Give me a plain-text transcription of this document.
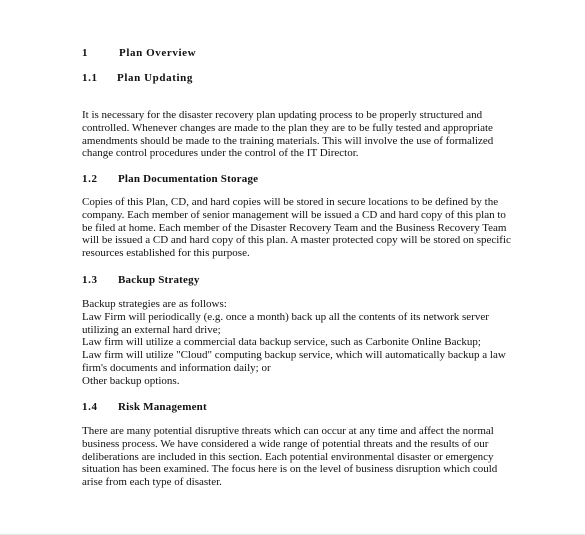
1	Plan Overview
1.1 Plan Updating
It is necessary for the disaster recovery plan updating process to be properly structured and
controlled. Whenever changes are made to the plan they are to be fully tested and appropriate
amendments should be made to the training materials. This will involve the use of formalized
change control procedures under the control of the IT Director.
1.2 Plan Documentation Storage
Copies of this Plan, CD, and hard copies will be stored in secure locations to be defined by the
company. Each member of senior management will be issued a CD and hard copy of this plan to
be filed at home. Each member of the Disaster Recovery Team and the Business Recovery Team
will be issued a CD and hard copy of this plan. A master protected copy will be stored on specific
resources established for this purpose.
1.3 Backup Strategy
Backup strategies are as follows:
Law Firm will periodically (e.g. once a month) back up all the contents of its network server
utilizing an external hard drive;
Law firm will utilize a commercial data backup service, such as Carbonite Online Backup;
Law firm will utilize "Cloud" computing backup service, which will automatically backup a law
firm's documents and information daily; or
Other backup options.
1.4 Risk Management
There are many potential disruptive threats which can occur at any time and affect the normal
business process. We have considered a wide range of potential threats and the results of our
deliberations are included in this section. Each potential environmental disaster or emergency
situation has been examined. The focus here is on the level of business disruption which could
arise from each type of disaster.
